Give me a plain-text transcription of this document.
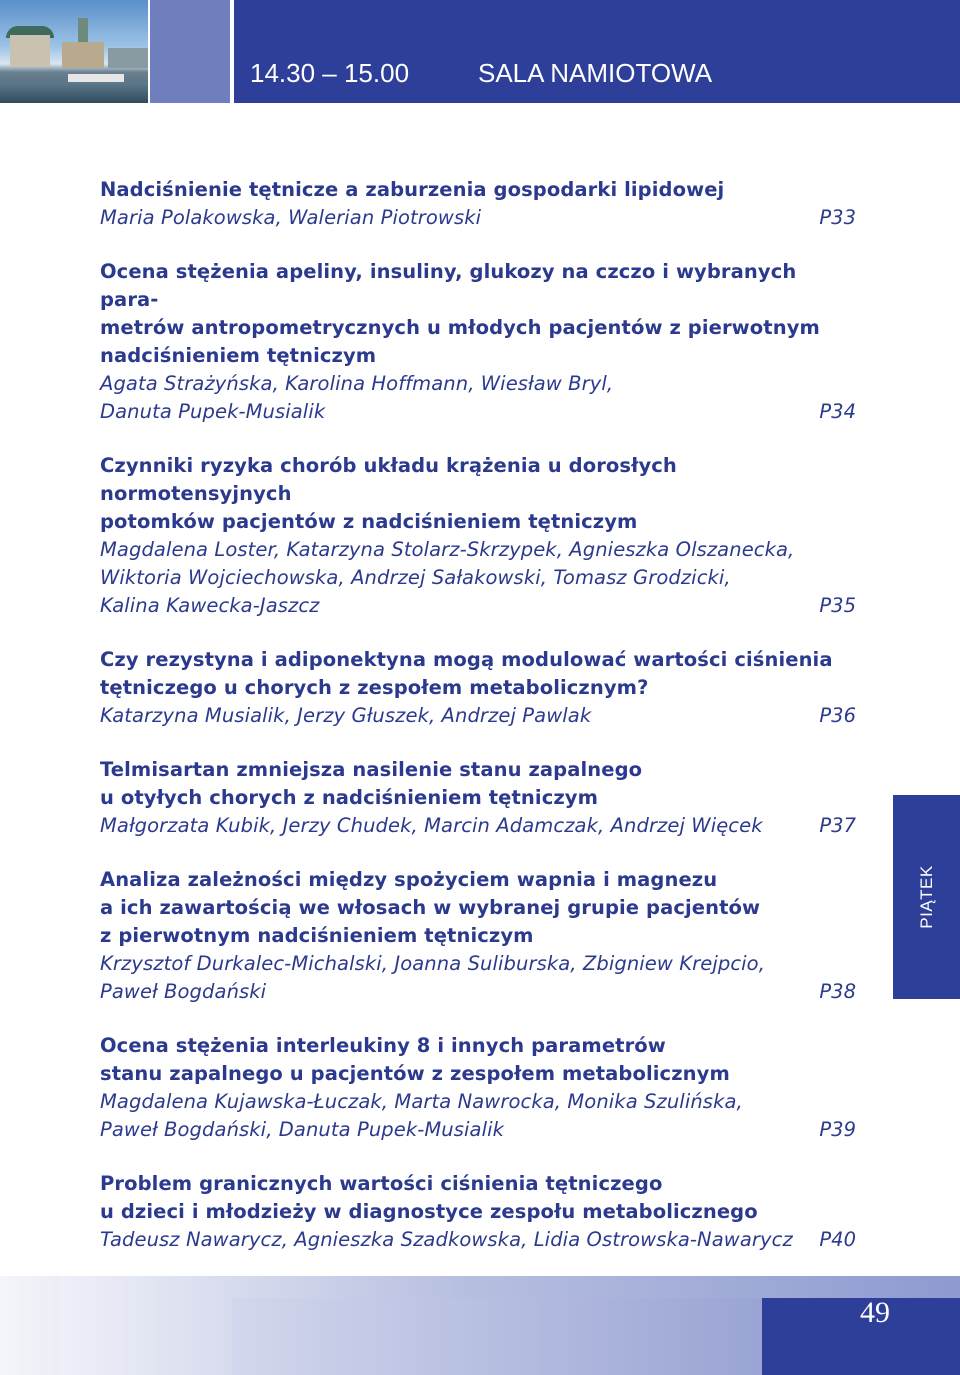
14.30 – 15.00	SALA NAMIOTOWA
Nadciśnienie tętnicze a zaburzenia gospodarki lipidowej
Maria Polakowska, Walerian Piotrowski	P33
Ocena stężenia apeliny, insuliny, glukozy na czczo i wybranych para-
metrów antropometrycznych u młodych pacjentów z pierwotnym
nadciśnieniem tętniczym
Agata Strażyńska, Karolina Hoffmann, Wiesław Bryl,
Danuta Pupek-Musialik	P34
Czynniki ryzyka chorób układu krążenia u dorosłych normotensyjnych
potomków pacjentów z nadciśnieniem tętniczym
Magdalena Loster, Katarzyna Stolarz-Skrzypek, Agnieszka Olszanecka,
Wiktoria Wojciechowska, Andrzej Sałakowski, Tomasz Grodzicki,
Kalina Kawecka-Jaszcz	P35
Czy rezystyna i adiponektyna mogą modulować wartości ciśnienia
tętniczego u chorych z zespołem metabolicznym?
Katarzyna Musialik, Jerzy Głuszek, Andrzej Pawlak	P36
Telmisartan zmniejsza nasilenie stanu zapalnego
u otyłych chorych z nadciśnieniem tętniczym
Małgorzata Kubik, Jerzy Chudek, Marcin Adamczak, Andrzej Więcek	P37
Analiza zależności między spożyciem wapnia i magnezu
a ich zawartością we włosach w wybranej grupie pacjentów
z pierwotnym nadciśnieniem tętniczym
Krzysztof Durkalec-Michalski, Joanna Suliburska, Zbigniew Krejpcio,
Paweł Bogdański	P38
Ocena stężenia interleukiny 8 i innych parametrów
stanu zapalnego u pacjentów z zespołem metabolicznym
Magdalena Kujawska-Łuczak, Marta Nawrocka, Monika Szulińska,
Paweł Bogdański, Danuta Pupek-Musialik	P39
Problem granicznych wartości ciśnienia tętniczego
u dzieci i młodzieży w diagnostyce zespołu metabolicznego
Tadeusz Nawarycz, Agnieszka Szadkowska, Lidia Ostrowska-Nawarycz	P40
PIĄTEK
49
